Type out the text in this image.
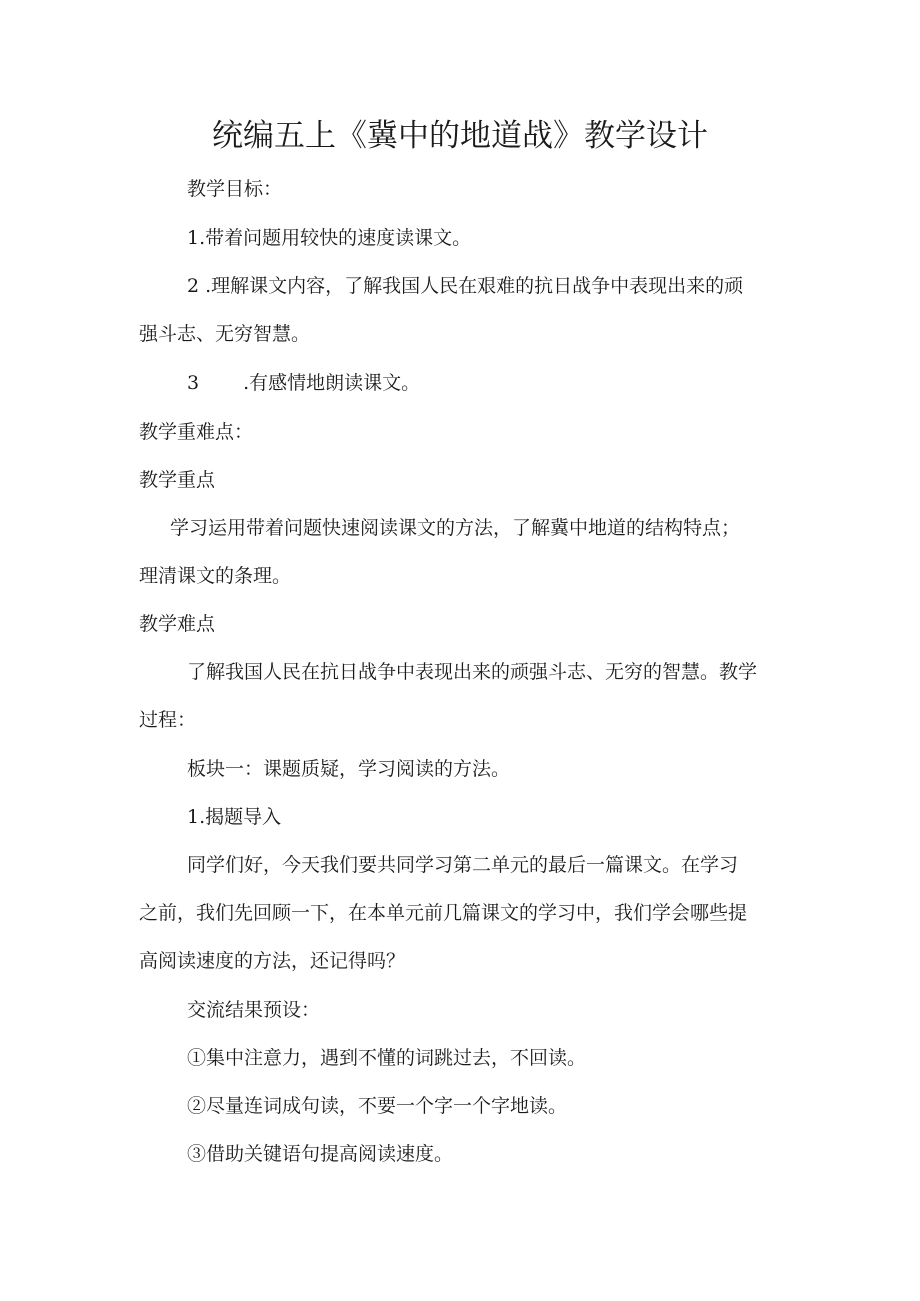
统编五上《冀中的地道战》教学设计
教学目标：
1.带着问题用较快的速度读课文。
2 .理解课文内容，了解我国人民在艰难的抗日战争中表现出来的顽
强斗志、无穷智慧。
3 　　.有感情地朗读课文。
教学重难点：
教学重点
学习运用带着问题快速阅读课文的方法，了解冀中地道的结构特点；
理清课文的条理。
教学难点
了解我国人民在抗日战争中表现出来的顽强斗志、无穷的智慧。教学
过程：
板块一：课题质疑，学习阅读的方法。
1.揭题导入
同学们好，今天我们要共同学习第二单元的最后一篇课文。在学习
之前，我们先回顾一下，在本单元前几篇课文的学习中，我们学会哪些提
高阅读速度的方法，还记得吗？
交流结果预设：
①集中注意力，遇到不懂的词跳过去，不回读。
②尽量连词成句读，不要一个字一个字地读。
③借助关键语句提高阅读速度。
